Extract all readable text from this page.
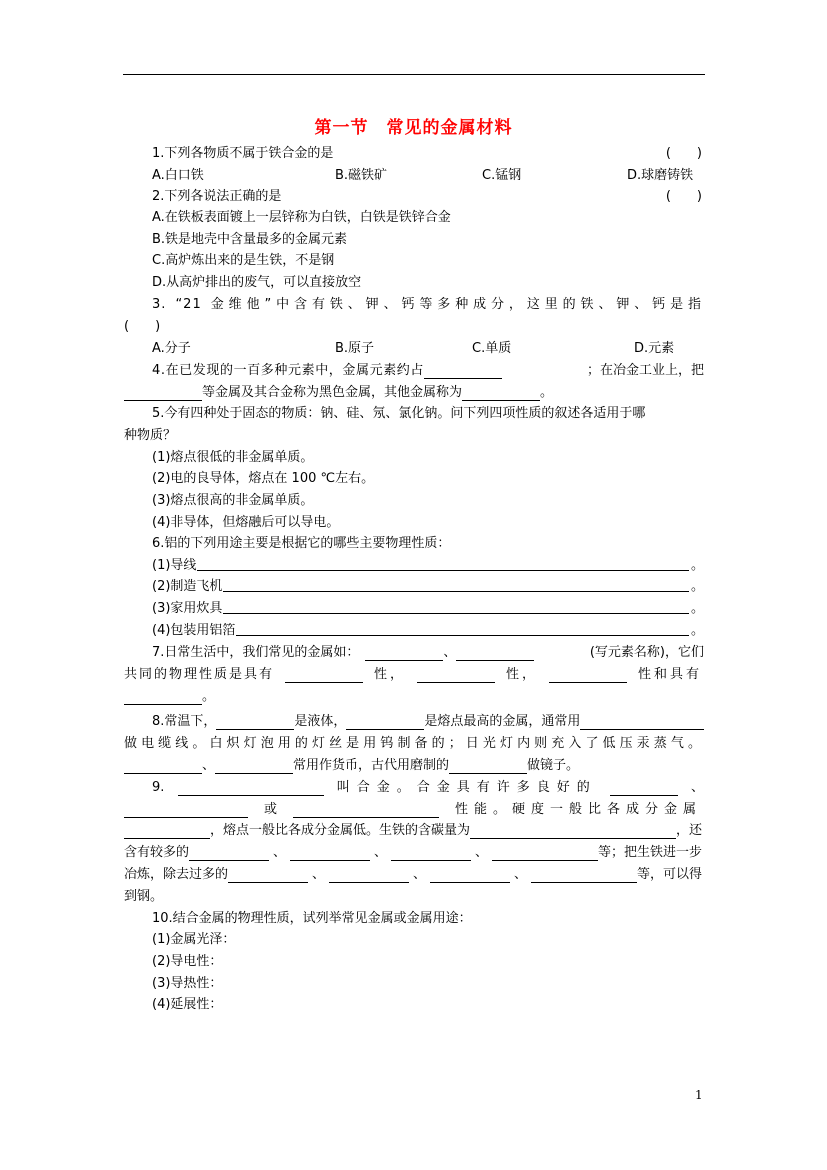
第一节　常见的金属材料
1.下列各物质不属于铁合金的是	(　　)
A.白口铁	B.磁铁矿	C.锰钢	D.球磨铸铁
2.下列各说法正确的是	(　　)
A.在铁板表面镀上一层锌称为白铁，白铁是铁锌合金
B.铁是地壳中含量最多的金属元素
C.高炉炼出来的是生铁，不是钢
D.从高炉排出的废气，可以直接放空
3. “21 金维他”中含有铁、钾、钙等多种成分，这里的铁、钾、钙是指
(　　)
A.分子	B.原子	C.单质	D.元素
4.在已发现的一百多种元素中，金属元素约占	；在冶金工业上，把
等金属及其合金称为黑色金属，其他金属称为	。
5.今有四种处于固态的物质：钠、硅、氖、氯化钠。问下列四项性质的叙述各适用于哪
种物质？
(1)熔点很低的非金属单质。
(2)电的良导体，熔点在 100 ℃左右。
(3)熔点很高的非金属单质。
(4)非导体，但熔融后可以导电。
6.铝的下列用途主要是根据它的哪些主要物理性质：
(1)导线	。
(2)制造飞机	。
(3)家用炊具	。
(4)包装用铝箔	。
7.日常生活中，我们常见的金属如：	、	(写元素名称)，它们
共同的物理性质是具有	性，	性，	性和具有
。
8.常温下，	是液体，	是熔点最高的金属，通常用
做电缆线。白炽灯泡用的灯丝是用钨制备的；日光灯内则充入了低压汞蒸气。
、	常用作货币，古代用磨制的	做镜子。
9.	叫合金。合金具有许多良好的	、
或	性能。硬度一般比各成分金属
，熔点一般比各成分金属低。生铁的含碳量为	，还
含有较多的	、	、	、	等；把生铁进一步
冶炼，除去过多的	、	、	、	等，可以得
到钢。
10.结合金属的物理性质，试列举常见金属或金属用途：
(1)金属光泽：
(2)导电性：
(3)导热性：
(4)延展性：
1
